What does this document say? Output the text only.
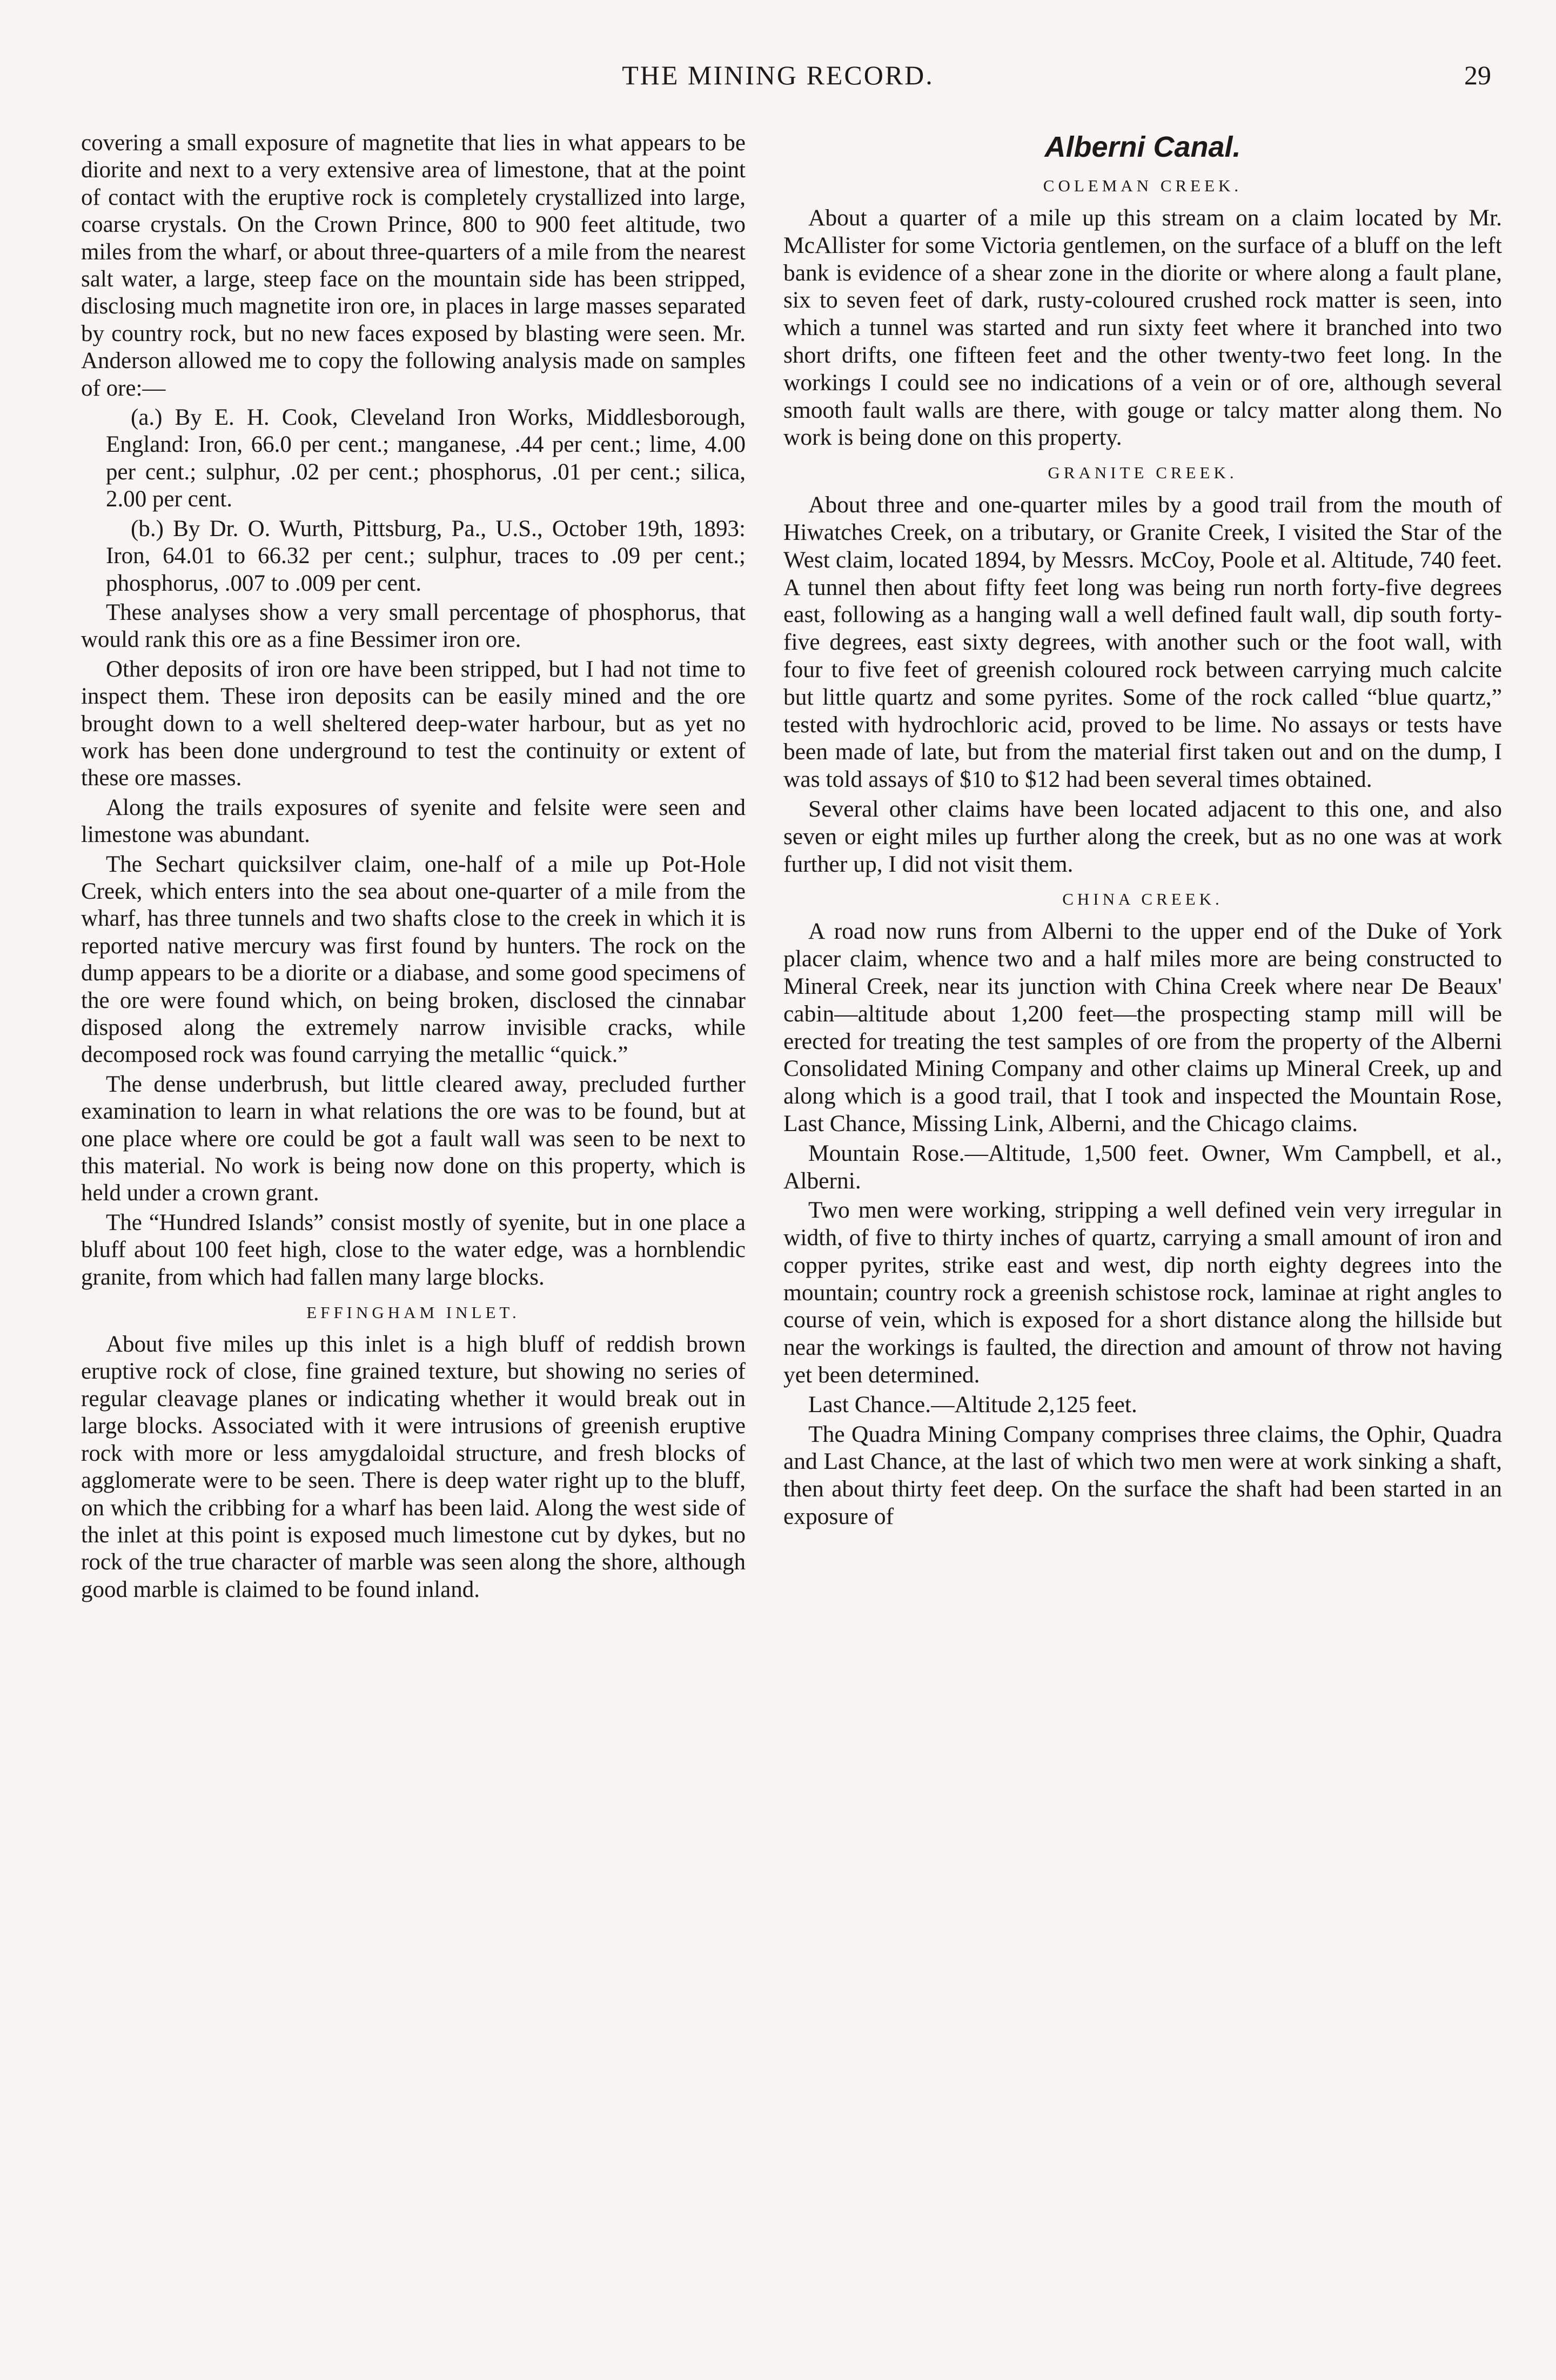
THE MINING RECORD.	29

covering a small exposure of magnetite that lies in what appears to be diorite and next to a very extensive area of limestone, that at the point of contact with the eruptive rock is completely crystallized into large, coarse crystals. On the Crown Prince, 800 to 900 feet altitude, two miles from the wharf, or about three-quarters of a mile from the nearest salt water, a large, steep face on the mountain side has been stripped, disclosing much magnetite iron ore, in places in large masses separated by country rock, but no new faces exposed by blasting were seen. Mr. Anderson allowed me to copy the following analysis made on samples of ore:—

(a.) By E. H. Cook, Cleveland Iron Works, Middlesborough, England: Iron, 66.0 per cent.; manganese, .44 per cent.; lime, 4.00 per cent.; sulphur, .02 per cent.; phosphorus, .01 per cent.; silica, 2.00 per cent.

(b.) By Dr. O. Wurth, Pittsburg, Pa., U.S., October 19th, 1893: Iron, 64.01 to 66.32 per cent.; sulphur, traces to .09 per cent.; phosphorus, .007 to .009 per cent.

These analyses show a very small percentage of phosphorus, that would rank this ore as a fine Bessimer iron ore.

Other deposits of iron ore have been stripped, but I had not time to inspect them. These iron deposits can be easily mined and the ore brought down to a well sheltered deep-water harbour, but as yet no work has been done underground to test the continuity or extent of these ore masses.

Along the trails exposures of syenite and felsite were seen and limestone was abundant.

The Sechart quicksilver claim, one-half of a mile up Pot-Hole Creek, which enters into the sea about one-quarter of a mile from the wharf, has three tunnels and two shafts close to the creek in which it is reported native mercury was first found by hunters. The rock on the dump appears to be a diorite or a diabase, and some good specimens of the ore were found which, on being broken, disclosed the cinnabar disposed along the extremely narrow invisible cracks, while decomposed rock was found carrying the metallic “quick.”

The dense underbrush, but little cleared away, precluded further examination to learn in what relations the ore was to be found, but at one place where ore could be got a fault wall was seen to be next to this material. No work is being now done on this property, which is held under a crown grant.

The “Hundred Islands” consist mostly of syenite, but in one place a bluff about 100 feet high, close to the water edge, was a hornblendic granite, from which had fallen many large blocks.

EFFINGHAM INLET.

About five miles up this inlet is a high bluff of reddish brown eruptive rock of close, fine grained texture, but showing no series of regular cleavage planes or indicating whether it would break out in large blocks. Associated with it were intrusions of greenish eruptive rock with more or less amygdaloidal structure, and fresh blocks of agglomerate were to be seen. There is deep water right up to the bluff, on which the cribbing for a wharf has been laid. Along the west side of the inlet at this point is exposed much limestone cut by dykes, but no rock of the true character of marble was seen along the shore, although good marble is claimed to be found inland.

Alberni Canal.
COLEMAN CREEK.

About a quarter of a mile up this stream on a claim located by Mr. McAllister for some Victoria gentlemen, on the surface of a bluff on the left bank is evidence of a shear zone in the diorite or where along a fault plane, six to seven feet of dark, rusty-coloured crushed rock matter is seen, into which a tunnel was started and run sixty feet where it branched into two short drifts, one fifteen feet and the other twenty-two feet long. In the workings I could see no indications of a vein or of ore, although several smooth fault walls are there, with gouge or talcy matter along them. No work is being done on this property.

GRANITE CREEK.

About three and one-quarter miles by a good trail from the mouth of Hiwatches Creek, on a tributary, or Granite Creek, I visited the Star of the West claim, located 1894, by Messrs. McCoy, Poole et al. Altitude, 740 feet. A tunnel then about fifty feet long was being run north forty-five degrees east, following as a hanging wall a well defined fault wall, dip south forty-five degrees, east sixty degrees, with another such or the foot wall, with four to five feet of greenish coloured rock between carrying much calcite but little quartz and some pyrites. Some of the rock called “blue quartz,” tested with hydrochloric acid, proved to be lime. No assays or tests have been made of late, but from the material first taken out and on the dump, I was told assays of $10 to $12 had been several times obtained.

Several other claims have been located adjacent to this one, and also seven or eight miles up further along the creek, but as no one was at work further up, I did not visit them.

CHINA CREEK.

A road now runs from Alberni to the upper end of the Duke of York placer claim, whence two and a half miles more are being constructed to Mineral Creek, near its junction with China Creek where near De Beaux' cabin—altitude about 1,200 feet—the prospecting stamp mill will be erected for treating the test samples of ore from the property of the Alberni Consolidated Mining Company and other claims up Mineral Creek, up and along which is a good trail, that I took and inspected the Mountain Rose, Last Chance, Missing Link, Alberni, and the Chicago claims.

Mountain Rose.—Altitude, 1,500 feet. Owner, Wm Campbell, et al., Alberni.

Two men were working, stripping a well defined vein very irregular in width, of five to thirty inches of quartz, carrying a small amount of iron and copper pyrites, strike east and west, dip north eighty degrees into the mountain; country rock a greenish schistose rock, laminae at right angles to course of vein, which is exposed for a short distance along the hillside but near the workings is faulted, the direction and amount of throw not having yet been determined.

Last Chance.—Altitude 2,125 feet.

The Quadra Mining Company comprises three claims, the Ophir, Quadra and Last Chance, at the last of which two men were at work sinking a shaft, then about thirty feet deep. On the surface the shaft had been started in an exposure of
